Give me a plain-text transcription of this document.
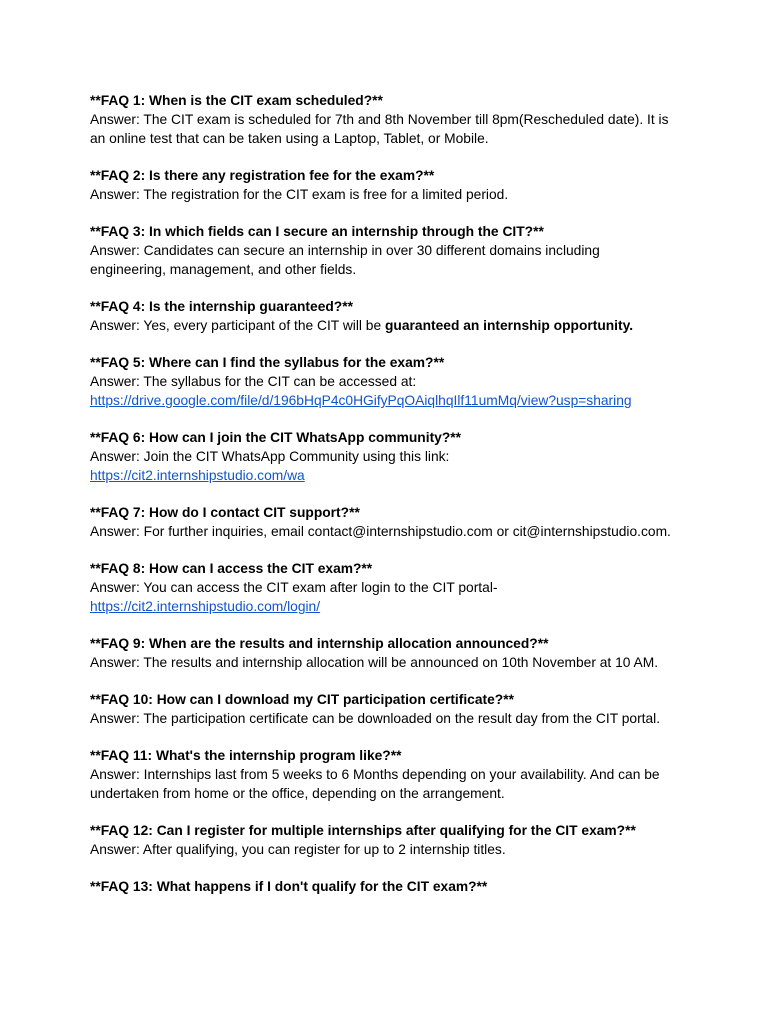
**FAQ 1: When is the CIT exam scheduled?**
Answer: The CIT exam is scheduled for 7th and 8th November till 8pm(Rescheduled date). It is
an online test that can be taken using a Laptop, Tablet, or Mobile.
**FAQ 2: Is there any registration fee for the exam?**
Answer: The registration for the CIT exam is free for a limited period.
**FAQ 3: In which fields can I secure an internship through the CIT?**
Answer: Candidates can secure an internship in over 30 different domains including
engineering, management, and other fields.
**FAQ 4: Is the internship guaranteed?**
Answer: Yes, every participant of the CIT will be guaranteed an internship opportunity.
**FAQ 5: Where can I find the syllabus for the exam?**
Answer: The syllabus for the CIT can be accessed at:
https://drive.google.com/file/d/196bHqP4c0HGifyPqOAiqlhqIlf11umMq/view?usp=sharing
**FAQ 6: How can I join the CIT WhatsApp community?**
Answer: Join the CIT WhatsApp Community using this link:
https://cit2.internshipstudio.com/wa
**FAQ 7: How do I contact CIT support?**
Answer: For further inquiries, email contact@internshipstudio.com or cit@internshipstudio.com.
**FAQ 8: How can I access the CIT exam?**
Answer: You can access the CIT exam after login to the CIT portal-
https://cit2.internshipstudio.com/login/
**FAQ 9: When are the results and internship allocation announced?**
Answer: The results and internship allocation will be announced on 10th November at 10 AM.
**FAQ 10: How can I download my CIT participation certificate?**
Answer: The participation certificate can be downloaded on the result day from the CIT portal.
**FAQ 11: What's the internship program like?**
Answer: Internships last from 5 weeks to 6 Months depending on your availability. And can be
undertaken from home or the office, depending on the arrangement.
**FAQ 12: Can I register for multiple internships after qualifying for the CIT exam?**
Answer: After qualifying, you can register for up to 2 internship titles.
**FAQ 13: What happens if I don't qualify for the CIT exam?**
